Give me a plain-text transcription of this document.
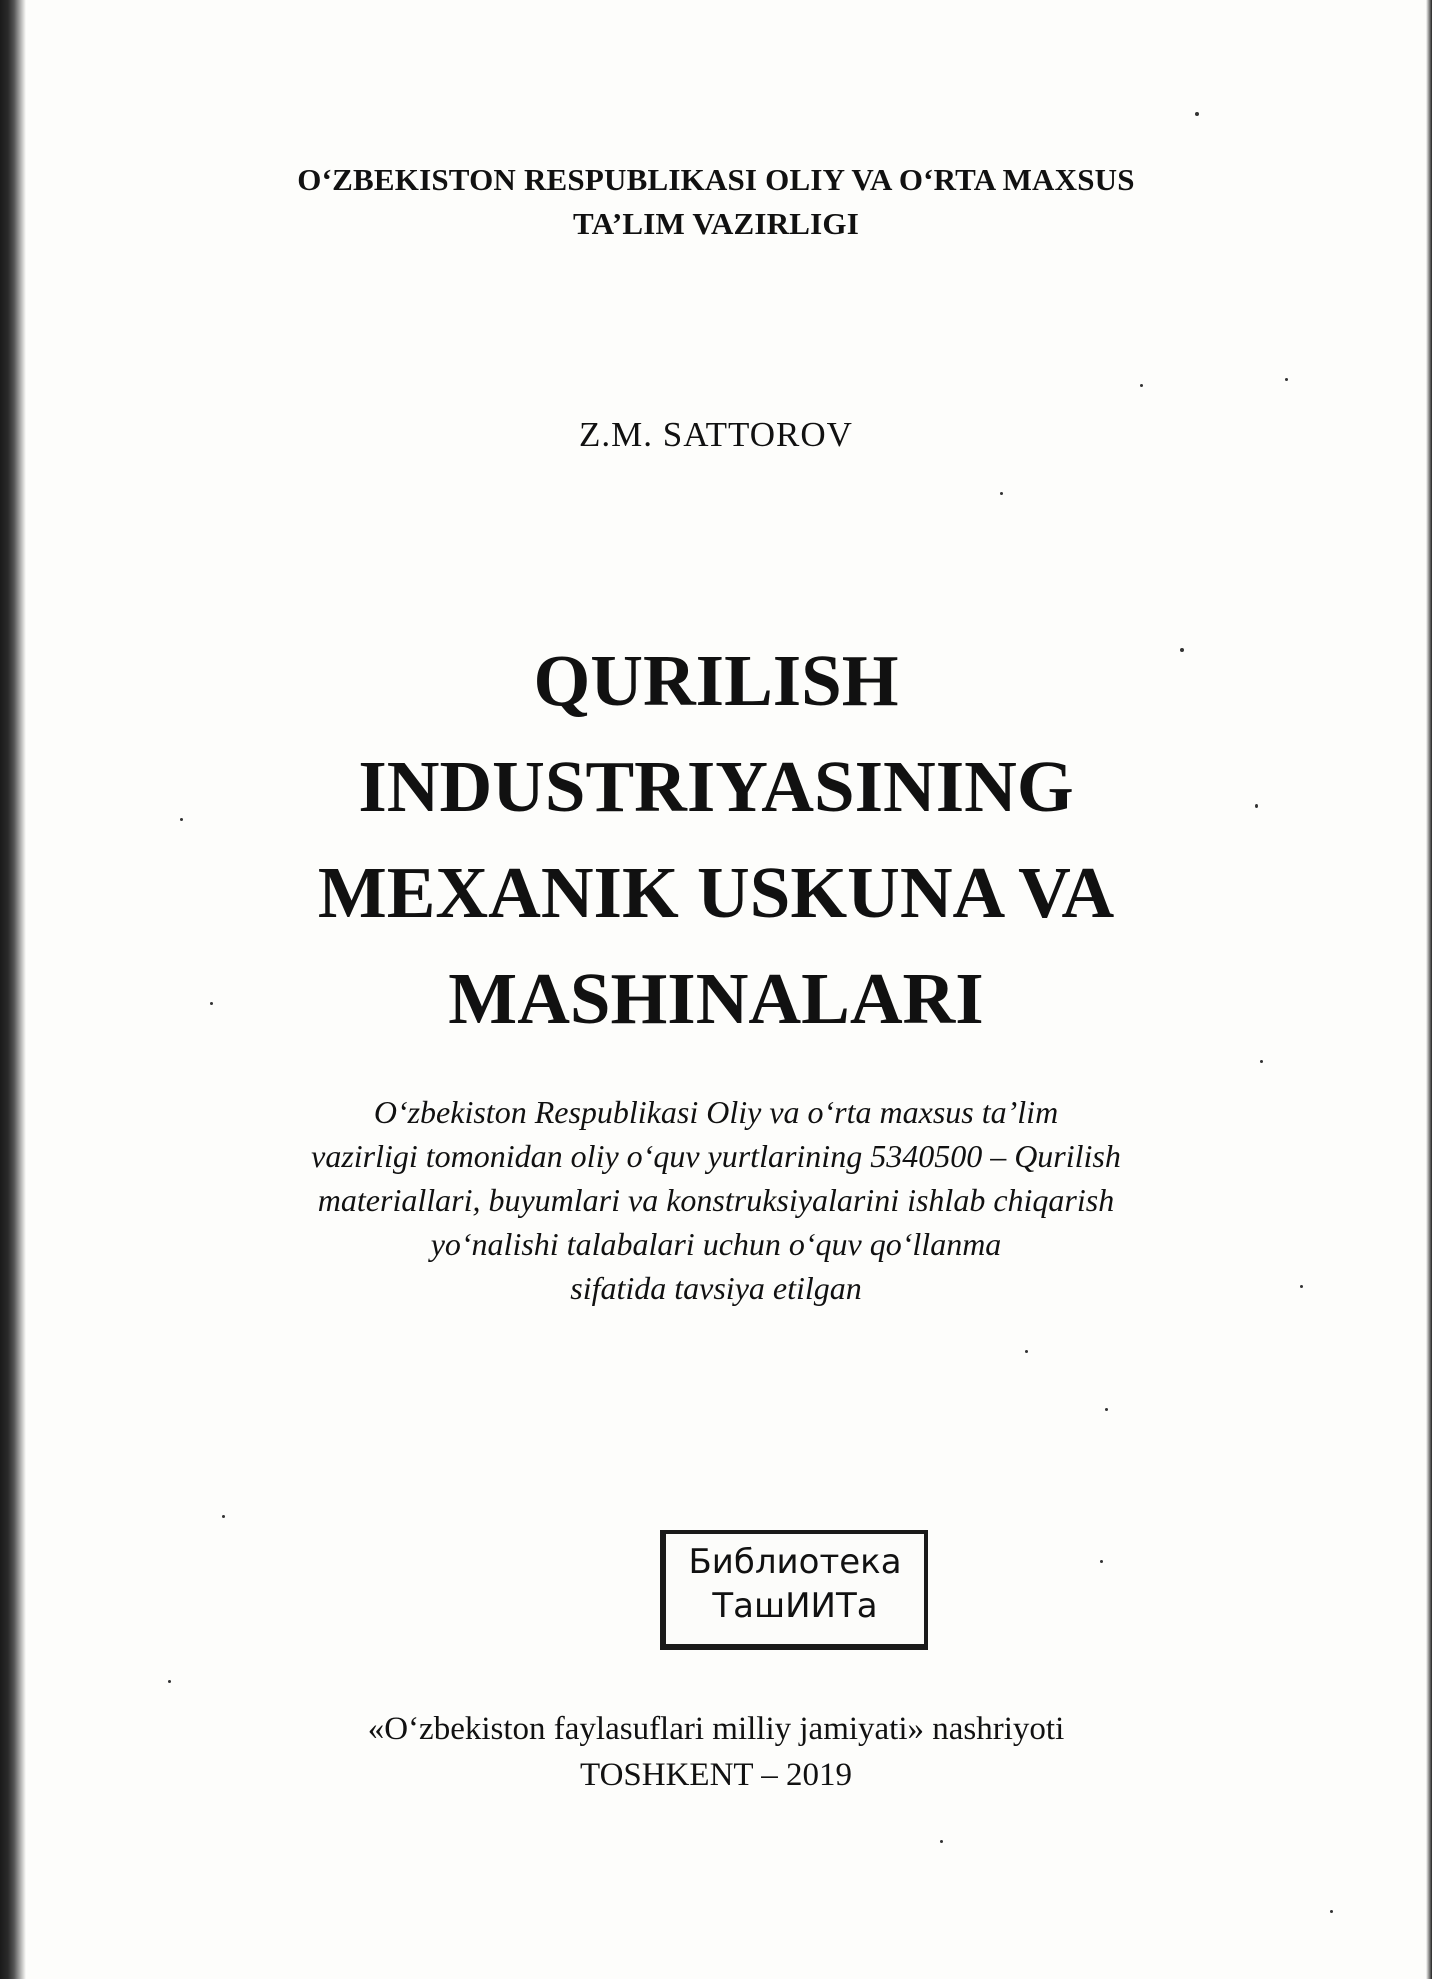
O‘ZBEKISTON RESPUBLIKASI OLIY VA O‘RTA MAXSUS
TA’LIM VAZIRLIGI
Z.M. SATTOROV
QURILISH
INDUSTRIYASINING
MEXANIK USKUNA VA
MASHINALARI
O‘zbekiston Respublikasi Oliy va o‘rta maxsus ta’lim
vazirligi tomonidan oliy o‘quv yurtlarining 5340500 – Qurilish
materiallari, buyumlari va konstruksiyalarini ishlab chiqarish
yo‘nalishi talabalari uchun o‘quv qo‘llanma
sifatida tavsiya etilgan
Библиотека
ТашИИТа
«O‘zbekiston faylasuflari milliy jamiyati» nashriyoti
TOSHKENT – 2019
